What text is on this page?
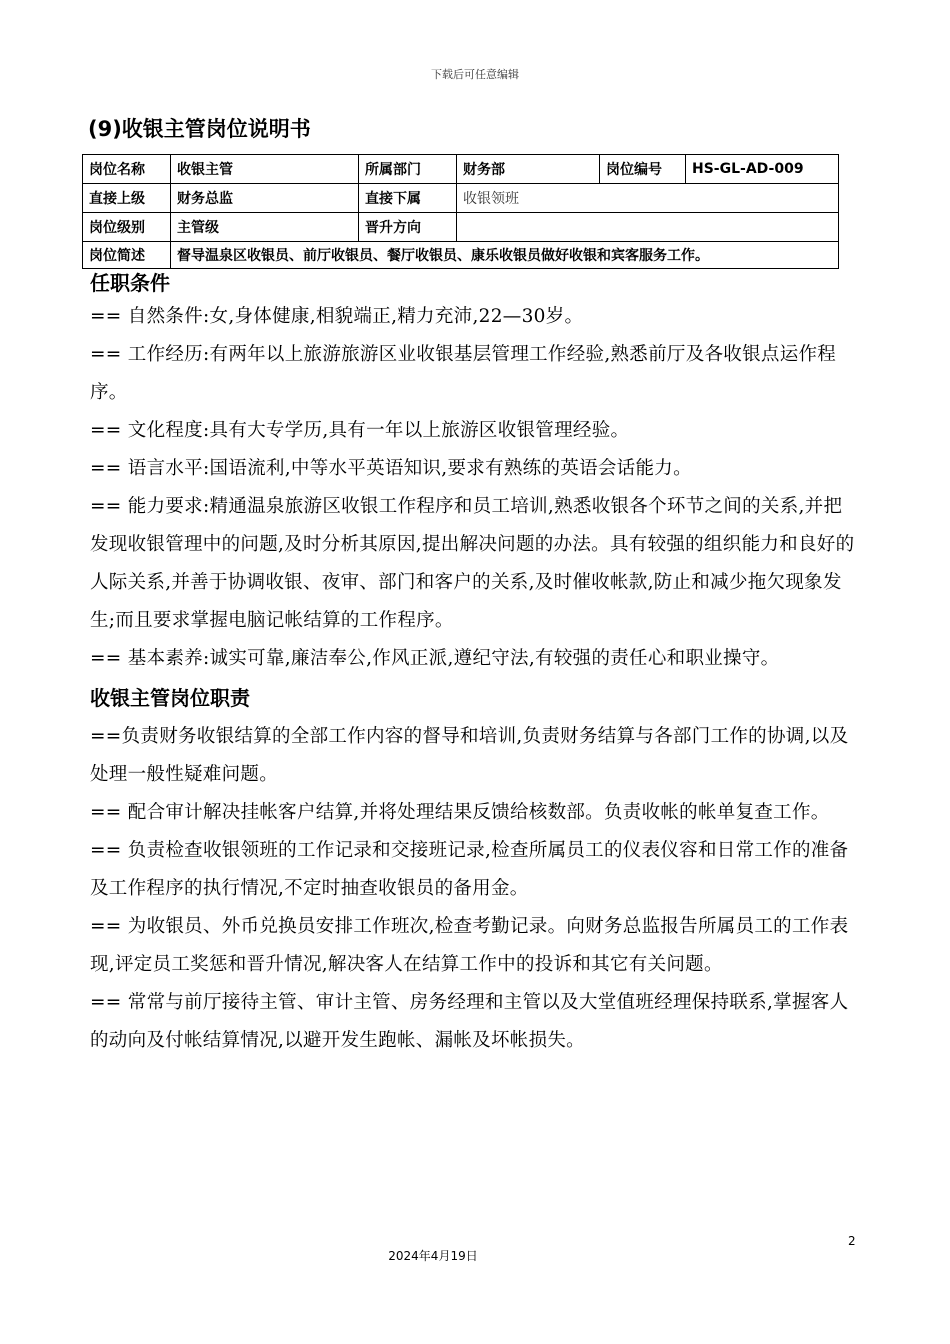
下载后可任意编辑
(9)收银主管岗位说明书
岗位名称	收银主管	所属部门	财务部	岗位编号	HS-GL-AD-009
直接上级	财务总监	直接下属	收银领班		
岗位级别	主管级	晋升方向			
岗位简述	督导温泉区收银员、前厅收银员、餐厅收银员、康乐收银员做好收银和宾客服务工作。				

任职条件

== 自然条件:女,身体健康,相貌端正,精力充沛,22—30岁。

== 工作经历:有两年以上旅游旅游区业收银基层管理工作经验,熟悉前厅及各收银点运作程序。

== 文化程度:具有大专学历,具有一年以上旅游区收银管理经验。

== 语言水平:国语流利,中等水平英语知识,要求有熟练的英语会话能力。

== 能力要求:精通温泉旅游区收银工作程序和员工培训,熟悉收银各个环节之间的关系,并把发现收银管理中的问题,及时分析其原因,提出解决问题的办法。具有较强的组织能力和良好的人际关系,并善于协调收银、夜审、部门和客户的关系,及时催收帐款,防止和减少拖欠现象发生;而且要求掌握电脑记帐结算的工作程序。

== 基本素养:诚实可靠,廉洁奉公,作风正派,遵纪守法,有较强的责任心和职业操守。

收银主管岗位职责

==负责财务收银结算的全部工作内容的督导和培训,负责财务结算与各部门工作的协调,以及处理一般性疑难问题。

== 配合审计解决挂帐客户结算,并将处理结果反馈给核数部。负责收帐的帐单复查工作。

== 负责检查收银领班的工作记录和交接班记录,检查所属员工的仪表仪容和日常工作的准备及工作程序的执行情况,不定时抽查收银员的备用金。

== 为收银员、外币兑换员安排工作班次,检查考勤记录。向财务总监报告所属员工的工作表现,评定员工奖惩和晋升情况,解决客人在结算工作中的投诉和其它有关问题。

== 常常与前厅接待主管、审计主管、房务经理和主管以及大堂值班经理保持联系,掌握客人的动向及付帐结算情况,以避开发生跑帐、漏帐及坏帐损失。

2
2024年4月19日
